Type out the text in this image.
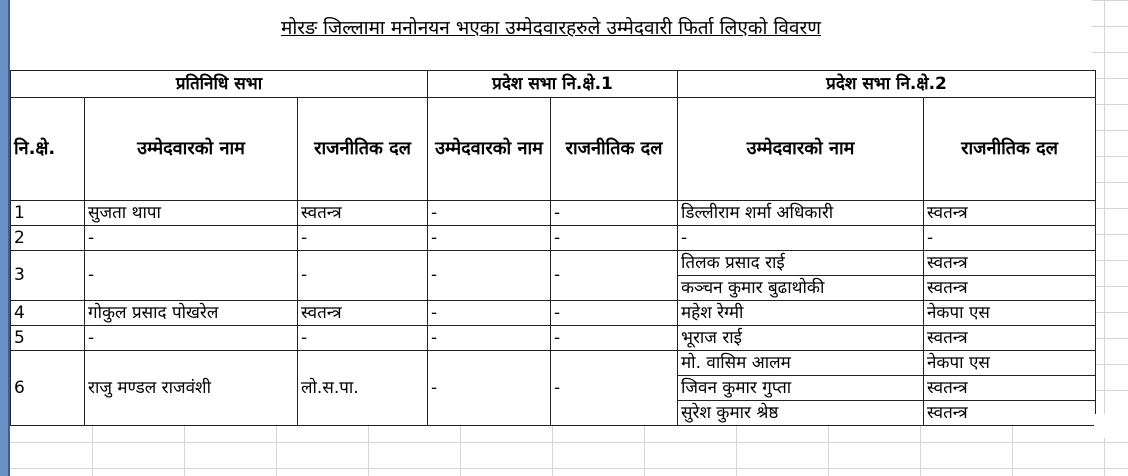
मोरङ जिल्लामा मनोनयन भएका उम्मेदवारहरुले उम्मेदवारी फिर्ता लिएको विवरण
प्रतिनिधि सभा			प्रदेश सभा नि.क्षे.1		प्रदेश सभा नि.क्षे.2	
नि.क्षे.	उम्मेदवारको नाम	राजनीतिक दल	उम्मेदवारको नाम	राजनीतिक दल	उम्मेदवारको नाम	राजनीतिक दल
1	सुजता थापा	स्वतन्त्र	-	-	डिल्लीराम शर्मा अधिकारी	स्वतन्त्र
2	-	-	-	-	-	-
3	-	-	-	-	तिलक प्रसाद राई	स्वतन्त्र
					कञ्चन कुमार बुढाथोकी	स्वतन्त्र
4	गोकुल प्रसाद पोखरेल	स्वतन्त्र	-	-	महेश रेग्मी	नेकपा एस
5	-	-	-	-	भूराज राई	स्वतन्त्र
6	राजु मण्डल राजवंशी	लो.स.पा.	-	-	मो. वासिम आलम	नेकपा एस
					जिवन कुमार गुप्ता	स्वतन्त्र
					सुरेश कुमार श्रेष्ठ	स्वतन्त्र
